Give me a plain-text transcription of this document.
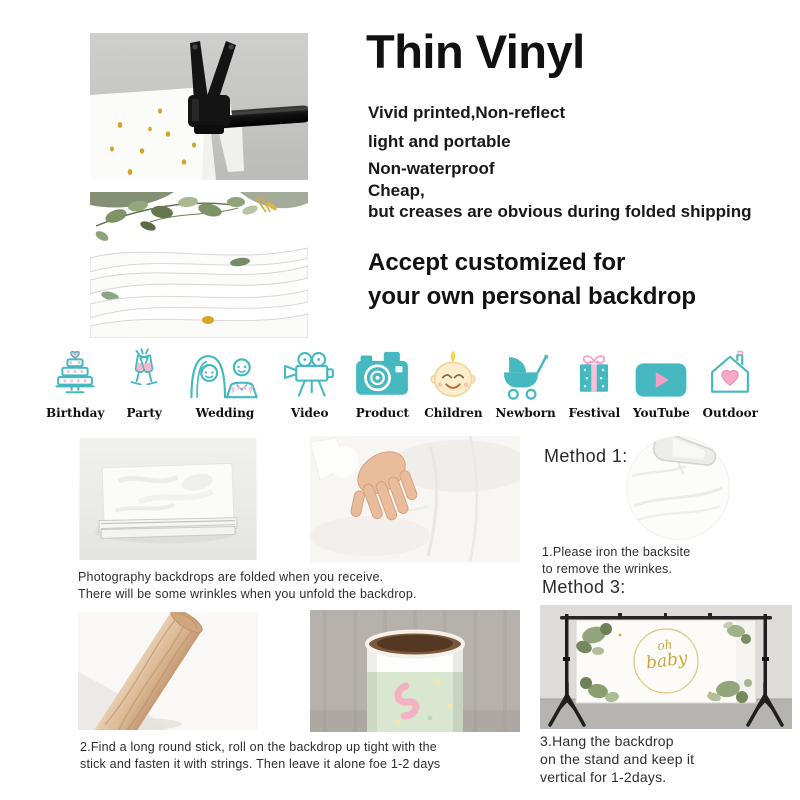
Thin Vinyl
Vivid printed,Non-reflect
light and portable
Non-waterproof
Cheap,
but creases are obvious during folded shipping
Accept customized for
your own personal backdrop
Birthday Party	Wedding	Video Product Children Newborn Festival YouTube Outdoor
Photography backdrops are folded when you receive.
There will be some wrinkles when you unfold the backdrop.
Method 1:
1.Please iron the backsite
to remove the wrinkes.
Method 3:
oh
baby
3.Hang the backdrop
on the stand and keep it
vertical for 1-2days.
2.Find a long round stick, roll on the backdrop up tight with the
stick and fasten it with strings. Then leave it alone foe 1-2 days
